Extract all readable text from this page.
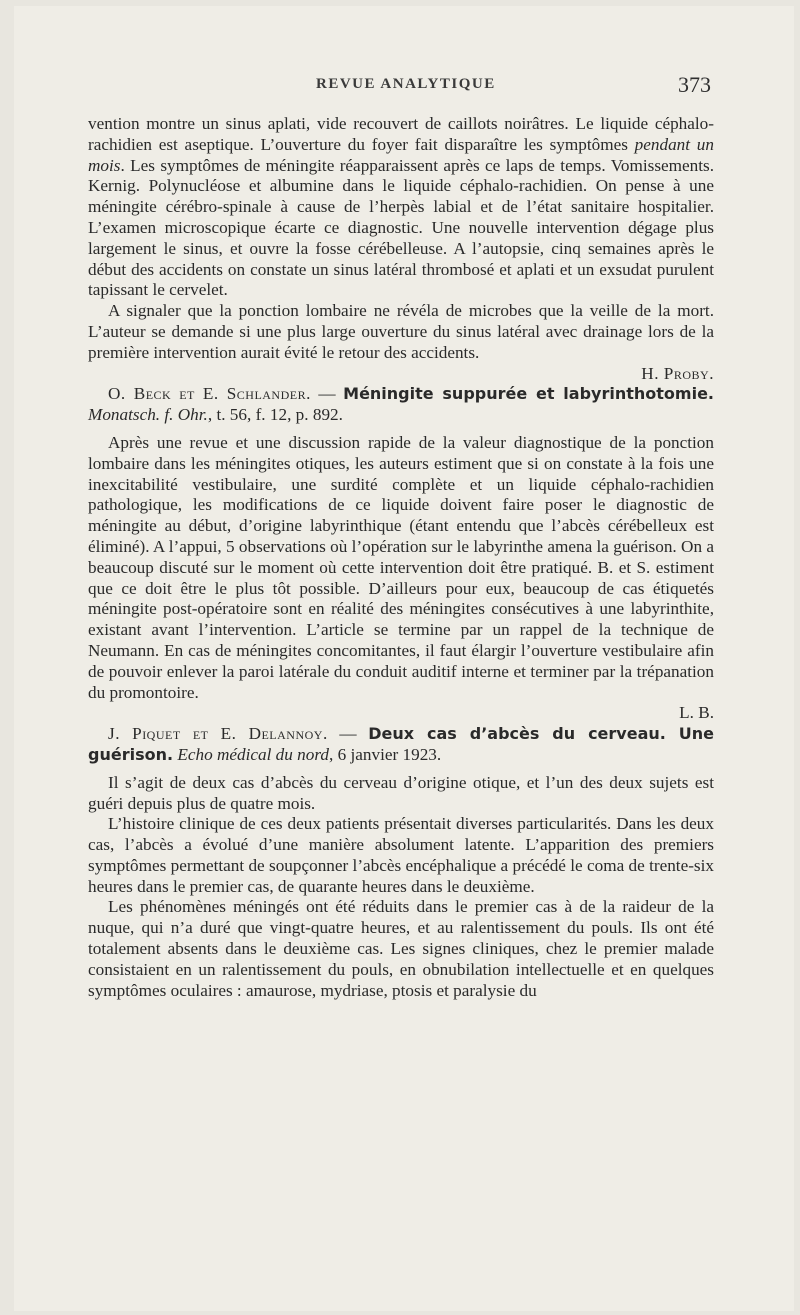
REVUE ANALYTIQUE	373

vention montre un sinus aplati, vide recouvert de caillots noirâtres. Le liquide céphalo-rachidien est aseptique. L’ouverture du foyer fait disparaître les symptômes pendant un mois. Les symptômes de méningite réapparaissent après ce laps de temps. Vomissements. Kernig. Polynucléose et albumine dans le liquide céphalo-rachidien. On pense à une méningite cérébro-spinale à cause de l’herpès labial et de l’état sanitaire hospitalier. L’examen microscopique écarte ce diagnostic. Une nouvelle intervention dégage plus largement le sinus, et ouvre la fosse cérébelleuse. A l’autopsie, cinq semaines après le début des accidents on constate un sinus latéral thrombosé et aplati et un exsudat purulent tapissant le cervelet.

A signaler que la ponction lombaire ne révéla de microbes que la veille de la mort. L’auteur se demande si une plus large ouverture du sinus latéral avec drainage lors de la première intervention aurait évité le retour des accidents.

H. Proby.

O. Beck et E. Schlander. — Méningite suppurée et labyrinthotomie. Monatsch. f. Ohr., t. 56, f. 12, p. 892.

Après une revue et une discussion rapide de la valeur diagnostique de la ponction lombaire dans les méningites otiques, les auteurs estiment que si on constate à la fois une inexcitabilité vestibulaire, une surdité complète et un liquide céphalo-rachidien pathologique, les modifications de ce liquide doivent faire poser le diagnostic de méningite au début, d’origine labyrinthique (étant entendu que l’abcès cérébelleux est éliminé). A l’appui, 5 observations où l’opération sur le labyrinthe amena la guérison. On a beaucoup discuté sur le moment où cette intervention doit être pratiqué. B. et S. estiment que ce doit être le plus tôt possible. D’ailleurs pour eux, beaucoup de cas étiquetés méningite post-opératoire sont en réalité des méningites consécutives à une labyrinthite, existant avant l’intervention. L’article se termine par un rappel de la technique de Neumann. En cas de méningites concomitantes, il faut élargir l’ouverture vestibulaire afin de pouvoir enlever la paroi latérale du conduit auditif interne et terminer par la trépanation du promontoire.

L. B.

J. Piquet et E. Delannoy. — Deux cas d’abcès du cerveau. Une guérison. Echo médical du nord, 6 janvier 1923.

Il s’agit de deux cas d’abcès du cerveau d’origine otique, et l’un des deux sujets est guéri depuis plus de quatre mois.

L’histoire clinique de ces deux patients présentait diverses particularités. Dans les deux cas, l’abcès a évolué d’une manière absolument latente. L’apparition des premiers symptômes permettant de soupçonner l’abcès encéphalique a précédé le coma de trente-six heures dans le premier cas, de quarante heures dans le deuxième.

Les phénomènes méningés ont été réduits dans le premier cas à de la raideur de la nuque, qui n’a duré que vingt-quatre heures, et au ralentissement du pouls. Ils ont été totalement absents dans le deuxième cas. Les signes cliniques, chez le premier malade consistaient en un ralentissement du pouls, en obnubilation intellectuelle et en quelques symptômes oculaires : amaurose, mydriase, ptosis et paralysie du
